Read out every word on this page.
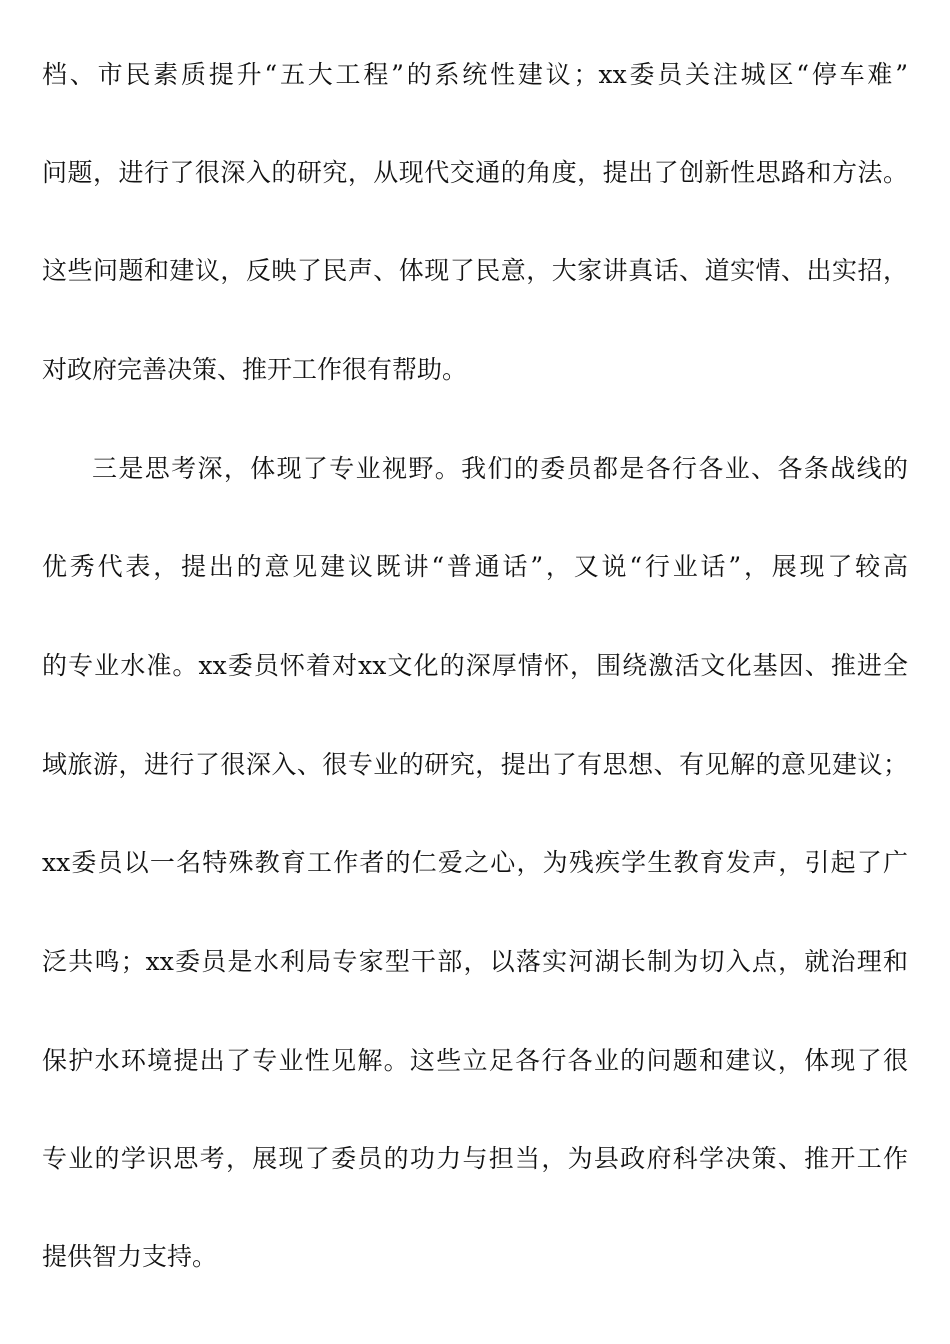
档、市民素质提升“五大工程”的系统性建议；xx委员关注城区“停车难”
问题，进行了很深入的研究，从现代交通的角度，提出了创新性思路和方法。
这些问题和建议，反映了民声、体现了民意，大家讲真话、道实情、出实招，
对政府完善决策、推开工作很有帮助。
三是思考深，体现了专业视野。我们的委员都是各行各业、各条战线的
优秀代表，提出的意见建议既讲“普通话”，又说“行业话”，展现了较高
的专业水准。xx委员怀着对xx文化的深厚情怀，围绕激活文化基因、推进全
域旅游，进行了很深入、很专业的研究，提出了有思想、有见解的意见建议；
xx委员以一名特殊教育工作者的仁爱之心，为残疾学生教育发声，引起了广
泛共鸣；xx委员是水利局专家型干部，以落实河湖长制为切入点，就治理和
保护水环境提出了专业性见解。这些立足各行各业的问题和建议，体现了很
专业的学识思考，展现了委员的功力与担当，为县政府科学决策、推开工作
提供智力支持。
